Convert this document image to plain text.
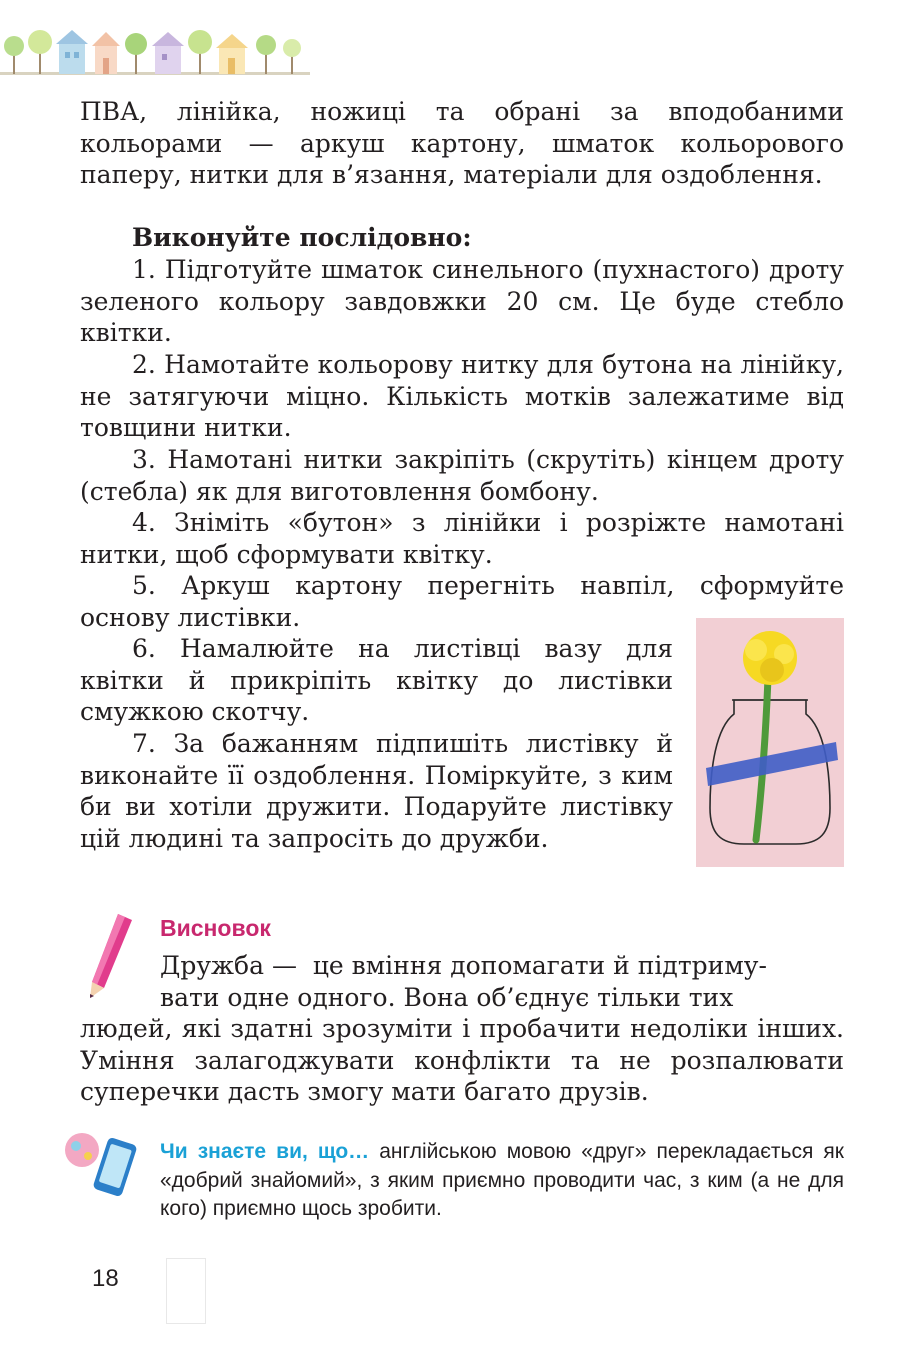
ПВА, лінійка, ножиці та обрані за вподобаними кольорами — аркуш картону, шматок кольорового паперу, нитки для в’язання, матеріали для оздоблення.

Виконуйте послідовно:

1. Підготуйте шматок синельного (пухнастого) дроту зеленого кольору завдовжки 20 см. Це буде стебло квітки.

2. Намотайте кольорову нитку для бутона на лінійку, не затягуючи міцно. Кількість мотків залежатиме від товщини нитки.

3. Намотані нитки закріпіть (скрутіть) кінцем дроту (стебла) як для виготовлення бомбону.

4. Зніміть «бутон» з лінійки і розріжте намотані нитки, щоб сформувати квітку.

5. Аркуш картону перегніть навпіл, сформуйте основу листівки.

6. Намалюйте на листівці вазу для квітки й прикріпіть квітку до листівки смужкою скотчу.

7. За бажанням підпишіть листівку й виконайте її оздоблення. Поміркуйте, з ким би ви хотіли дружити. Подаруйте листівку цій людині та запросіть до дружби.

Висновок

Дружба —  це вміння допомагати й підтриму-

вати одне одного. Вона об’єднує тільки тих

людей, які здатні зрозуміти і пробачити недоліки інших. Уміння залагоджувати конфлікти та не розпалювати суперечки дасть змогу мати багато друзів.

Чи знаєте ви, що… англійською мовою «друг» перекладається як «добрий знайомий», з яким приємно проводити час, з ким (а не для кого) приємно щось зробити.

18
